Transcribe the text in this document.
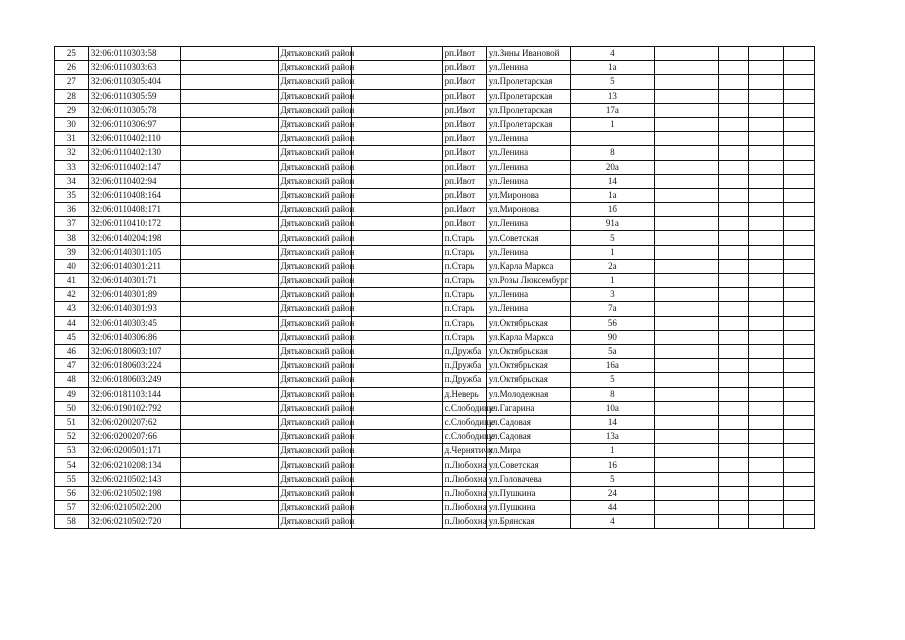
25	32:06:0110303:58		Дятьковский район		рп.Ивот	ул.Зины Ивановой	4				
26	32:06:0110303:63		Дятьковский район		рп.Ивот	ул.Ленина	1а				
27	32:06:0110305:404		Дятьковский район		рп.Ивот	ул.Пролетарская	5				
28	32:06:0110305:59		Дятьковский район		рп.Ивот	ул.Пролетарская	13				
29	32:06:0110305:78		Дятьковский район		рп.Ивот	ул.Пролетарская	17а				
30	32:06:0110306:97		Дятьковский район		рп.Ивот	ул.Пролетарская	1				
31	32:06:0110402:110		Дятьковский район		рп.Ивот	ул.Ленина					
32	32:06:0110402:130		Дятьковский район		рп.Ивот	ул.Ленина	8				
33	32:06:0110402:147		Дятьковский район		рп.Ивот	ул.Ленина	20а				
34	32:06:0110402:94		Дятьковский район		рп.Ивот	ул.Ленина	14				
35	32:06:0110408:164		Дятьковский район		рп.Ивот	ул.Миронова	1а				
36	32:06:0110408:171		Дятьковский район		рп.Ивот	ул.Миронова	1б				
37	32:06:0110410:172		Дятьковский район		рп.Ивот	ул.Ленина	91а				
38	32:06:0140204:198		Дятьковский район		п.Старь	ул.Советская	5				
39	32:06:0140301:105		Дятьковский район		п.Старь	ул.Ленина	1				
40	32:06:0140301:211		Дятьковский район		п.Старь	ул.Карла Маркса	2а				
41	32:06:0140301:71		Дятьковский район		п.Старь	ул.Розы Люксембург	1				
42	32:06:0140301:89		Дятьковский район		п.Старь	ул.Ленина	3				
43	32:06:0140301:93		Дятьковский район		п.Старь	ул.Ленина	7а				
44	32:06:0140303:45		Дятьковский район		п.Старь	ул.Октябрьская	56				
45	32:06:0140306:86		Дятьковский район		п.Старь	ул.Карла Маркса	90				
46	32:06:0180603:107		Дятьковский район		п.Дружба	ул.Октябрьская	5а				
47	32:06:0180603:224		Дятьковский район		п.Дружба	ул.Октябрьская	16а				
48	32:06:0180603:249		Дятьковский район		п.Дружба	ул.Октябрьская	5				
49	32:06:0181103:144		Дятьковский район		д.Неверь	ул.Молодежная	8				
50	32:06:0190102:792		Дятьковский район		с.Слободище	ул.Гагарина	10а				
51	32:06:0200207:62		Дятьковский район		с.Слободище	ул.Садовая	14				
52	32:06:0200207:66		Дятьковский район		с.Слободище	ул.Садовая	13а				
53	32:06:0200501:171		Дятьковский район		д.Чернятичи	ул.Мира	1				
54	32:06:0210208:134		Дятьковский район		п.Любохна	ул.Советская	16				
55	32:06:0210502:143		Дятьковский район		п.Любохна	ул.Головачева	5				
56	32:06:0210502:198		Дятьковский район		п.Любохна	ул.Пушкина	24				
57	32:06:0210502:200		Дятьковский район		п.Любохна	ул.Пушкина	44				
58	32:06:0210502:720		Дятьковский район		п.Любохна	ул.Брянская	4				
